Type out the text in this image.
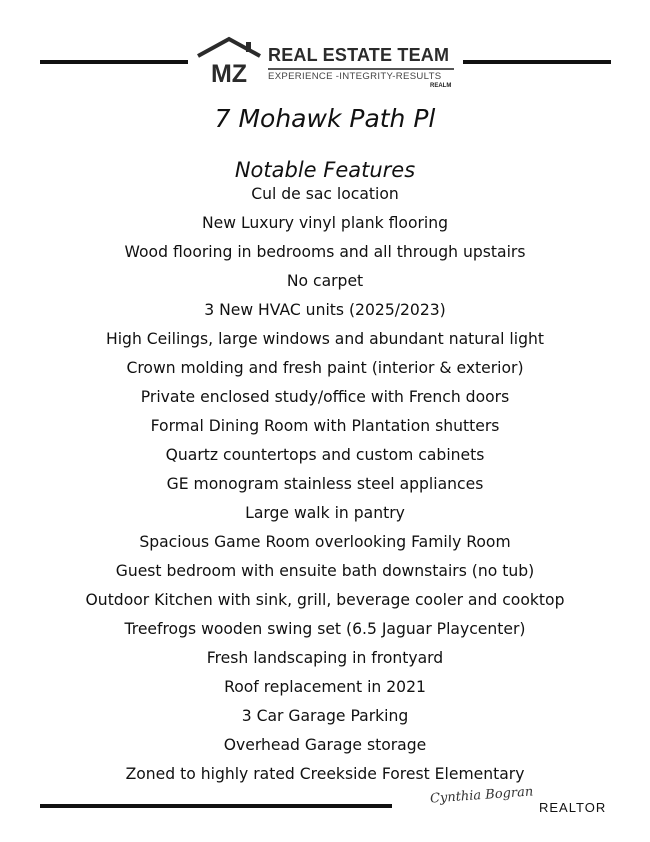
MZ
REAL ESTATE TEAM
EXPERIENCE -INTEGRITY-RESULTS
REALM
7 Mohawk Path Pl
Notable Features
Cul de sac location
New Luxury vinyl plank flooring
Wood flooring in bedrooms and all through upstairs
No carpet
3 New HVAC units (2025/2023)
High Ceilings, large windows and abundant natural light
Crown molding and fresh paint (interior & exterior)
Private enclosed study/office with French doors
Formal Dining Room with Plantation shutters
Quartz countertops and custom cabinets
GE monogram stainless steel appliances
Large walk in pantry
Spacious Game Room overlooking Family Room
Guest bedroom with ensuite bath downstairs (no tub)
Outdoor Kitchen with sink, grill, beverage cooler and cooktop
Treefrogs wooden swing set (6.5 Jaguar Playcenter)
Fresh landscaping in frontyard
Roof replacement in 2021
3 Car Garage Parking
Overhead Garage storage
Zoned to highly rated Creekside Forest Elementary
Cynthia Bogran
REALTOR
